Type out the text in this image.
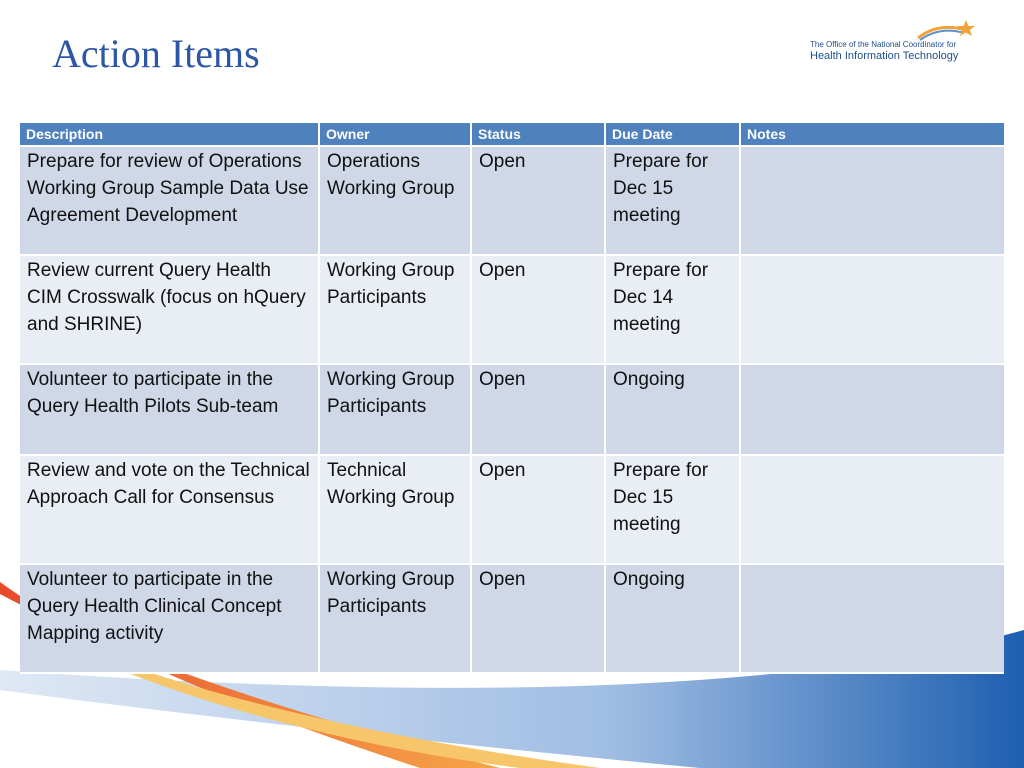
Action Items	The Office of the National Coordinator for
Health Information Technology
Description	Owner	Status	Due Date	Notes
Prepare for review of Operations Working Group Sample Data Use Agreement Development	Operations Working Group	Open	Prepare for Dec 15 meeting	
Review current Query Health CIM Crosswalk (focus on hQuery and SHRINE)	Working Group Participants	Open	Prepare for Dec 14 meeting	
Volunteer to participate in the Query Health Pilots Sub-team	Working Group Participants	Open	Ongoing	
Review and vote on the Technical Approach Call for Consensus	Technical Working Group	Open	Prepare for Dec 15 meeting	
Volunteer to participate in the Query Health Clinical Concept Mapping activity	Working Group Participants	Open	Ongoing	
